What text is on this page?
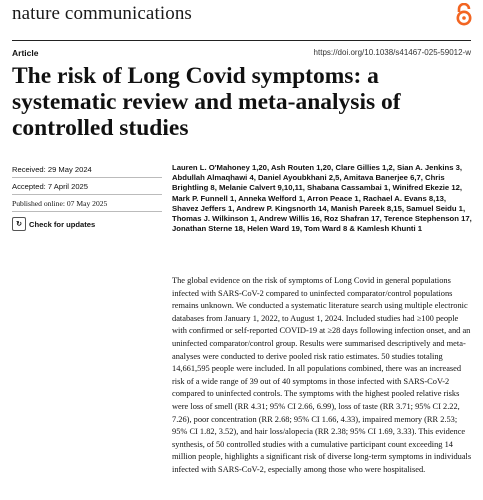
nature communications
Article	https://doi.org/10.1038/s41467-025-59012-w
The risk of Long Covid symptoms: a systematic review and meta-analysis of controlled studies
Received: 29 May 2024
Accepted: 7 April 2025
Published online: 07 May 2025
↻ Check for updates
Lauren L. O'Mahoney 1,20, Ash Routen 1,20, Clare Gillies 1,2, Sian A. Jenkins 3, Abdullah Almaqhawi 4, Daniel Ayoubkhani 2,5, Amitava Banerjee 6,7, Chris Brightling 8, Melanie Calvert 9,10,11, Shabana Cassambai 1, Winifred Ekezie 12, Mark P. Funnell 1, Anneka Welford 1, Arron Peace 1, Rachael A. Evans 8,13, Shavez Jeffers 1, Andrew P. Kingsnorth 14, Manish Pareek 8,15, Samuel Seidu 1, Thomas J. Wilkinson 1, Andrew Willis 16, Roz Shafran 17, Terence Stephenson 17, Jonathan Sterne 18, Helen Ward 19, Tom Ward 8 & Kamlesh Khunti 1
The global evidence on the risk of symptoms of Long Covid in general populations infected with SARS-CoV-2 compared to uninfected comparator/control populations remains unknown. We conducted a systematic literature search using multiple electronic databases from January 1, 2022, to August 1, 2024. Included studies had ≥100 people with confirmed or self-reported COVID-19 at ≥28 days following infection onset, and an uninfected comparator/control group. Results were summarised descriptively and meta-analyses were conducted to derive pooled risk ratio estimates. 50 studies totaling 14,661,595 people were included. In all populations combined, there was an increased risk of a wide range of 39 out of 40 symptoms in those infected with SARS-CoV-2 compared to uninfected controls. The symptoms with the highest pooled relative risks were loss of smell (RR 4.31; 95% CI 2.66, 6.99), loss of taste (RR 3.71; 95% CI 2.22, 7.26), poor concentration (RR 2.68; 95% CI 1.66, 4.33), impaired memory (RR 2.53; 95% CI 1.82, 3.52), and hair loss/alopecia (RR 2.38; 95% CI 1.69, 3.33). This evidence synthesis, of 50 controlled studies with a cumulative participant count exceeding 14 million people, highlights a significant risk of diverse long-term symptoms in individuals infected with SARS-CoV-2, especially among those who were hospitalised.
